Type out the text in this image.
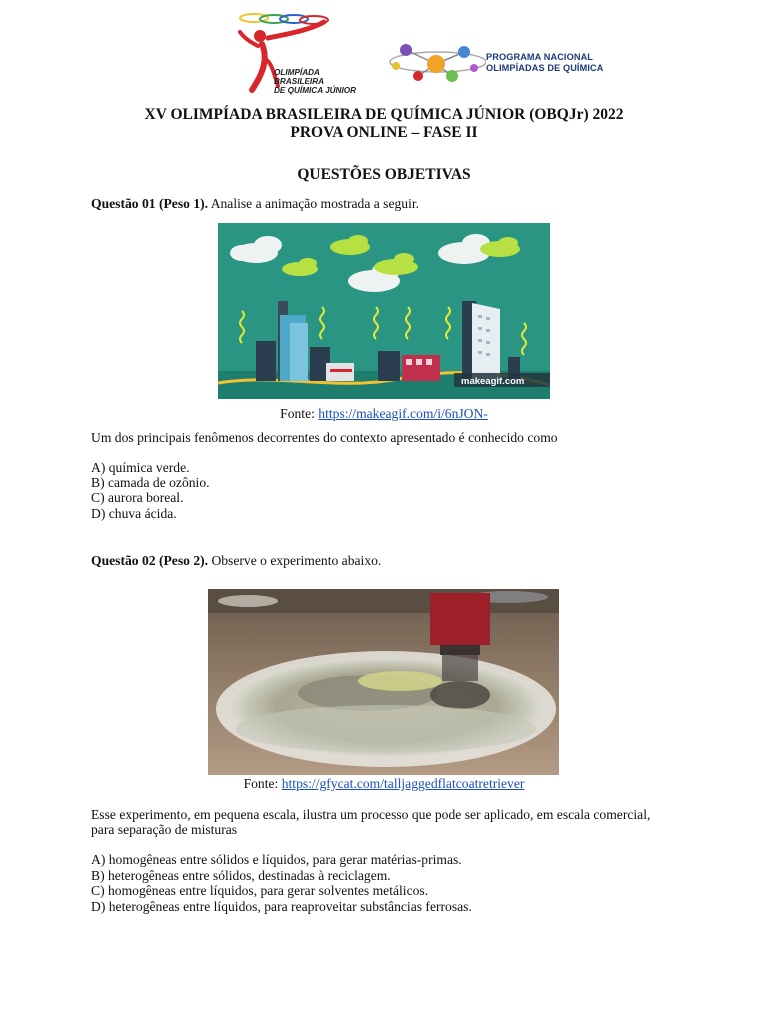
OLIMPÍADA BRASILEIRA
DE QUÍMICA JÚNIOR
PROGRAMA NACIONAL
OLIMPÍADAS DE QUÍMICA
XV OLIMPÍADA BRASILEIRA DE QUÍMICA JÚNIOR (OBQJr) 2022
PROVA ONLINE – FASE II
QUESTÕES OBJETIVAS
Questão 01 (Peso 1). Analise a animação mostrada a seguir.
makeagif.com
Fonte: https://makeagif.com/i/6nJON-
Um dos principais fenômenos decorrentes do contexto apresentado é conhecido como
A) química verde.
B) camada de ozônio.
C) aurora boreal.
D) chuva ácida.
Questão 02 (Peso 2). Observe o experimento abaixo.
Fonte: https://gfycat.com/talljaggedflatcoatretriever
Esse experimento, em pequena escala, ilustra um processo que pode ser aplicado, em escala comercial,
para separação de misturas
A) homogêneas entre sólidos e líquidos, para gerar matérias-primas.
B) heterogêneas entre sólidos, destinadas à reciclagem.
C) homogêneas entre líquidos, para gerar solventes metálicos.
D) heterogêneas entre líquidos, para reaproveitar substâncias ferrosas.
